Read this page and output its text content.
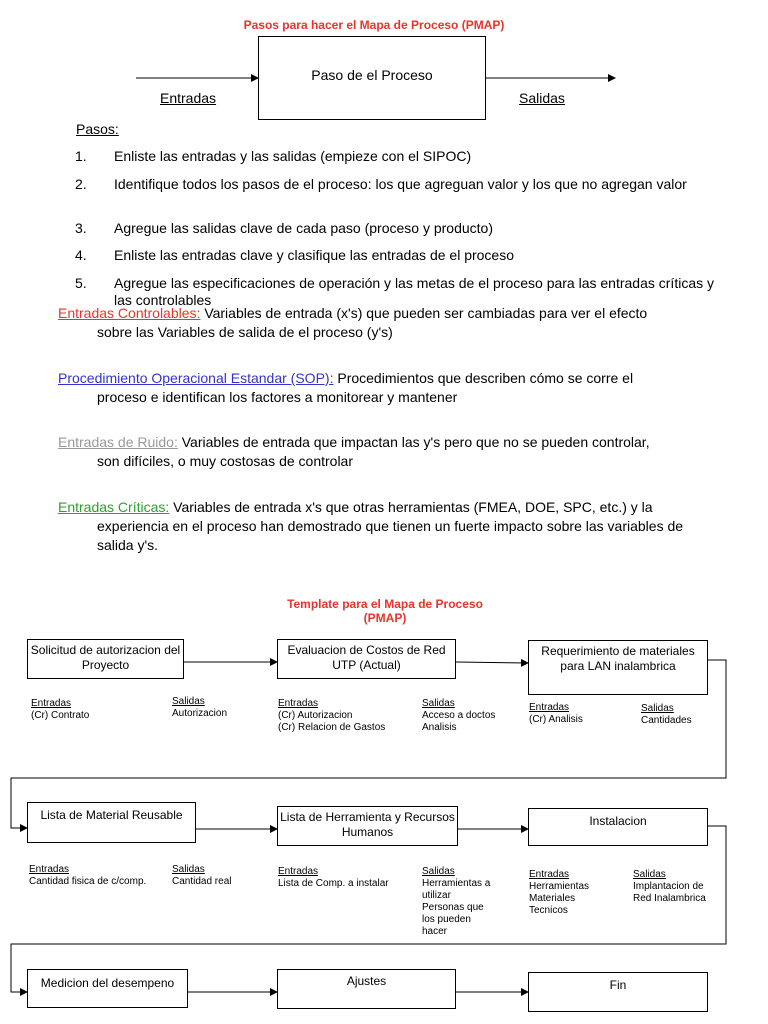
Pasos para hacer el Mapa de Proceso (PMAP)
Paso de el Proceso
Entradas	Salidas
Pasos:
1.	Enliste las entradas y las salidas (empieze con el SIPOC)
2.	Identifique todos los pasos de el proceso: los que agreguan valor y los que no agregan valor
3.	Agregue las salidas clave de cada paso (proceso y producto)
4.	Enliste las entradas clave y clasifique las entradas de el proceso
5.	Agregue las especificaciones de operación y las metas de el proceso para las entradas críticas y las controlables
Entradas Controlables: Variables de entrada (x's) que pueden ser cambiadas para ver el efecto
sobre las Variables de salida de el proceso (y's)
Procedimiento Operacional Estandar (SOP): Procedimientos que describen cómo se corre el
proceso e identifican los factores a monitorear y mantener
Entradas de Ruido: Variables de entrada que impactan las y's pero que no se pueden controlar,
son difíciles, o muy costosas de controlar
Entradas Críticas: Variables de entrada x's que otras herramientas (FMEA, DOE, SPC, etc.) y la
experiencia en el proceso han demostrado que tienen un fuerte impacto sobre las variables de salida y's.
Template para el Mapa de Proceso (PMAP)
Solicitud de autorizacion del Proyecto
Evaluacion de Costos de Red UTP (Actual)
Requerimiento de materiales para LAN inalambrica
Entradas
(Cr) Contrato
Salidas
Autorizacion
Entradas
(Cr) Autorizacion
(Cr) Relacion de Gastos
Salidas
Acceso a doctos
Analisis
Entradas
(Cr) Analisis
Salidas
Cantidades
Lista de Material Reusable	Lista de Herramienta y Recursos Humanos
Instalacion
Entradas
Cantidad fisica de c/comp.
Salidas
Cantidad real
Entradas
Lista de Comp. a instalar
Salidas
Herramientas a
utilizar
Personas que
los pueden
hacer
Entradas
Herramientas
Materiales
Tecnicos
Salidas
Implantacion de
Red Inalambrica
Medicion del desempeno	Ajustes	Fin
